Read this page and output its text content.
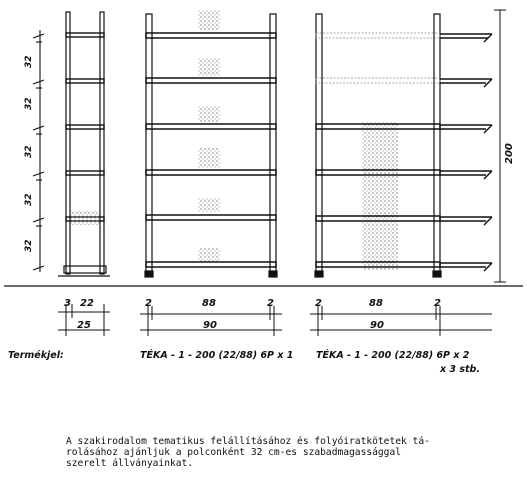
32
32
32
32
32
200
3 22
25
2	88	2
90
2	88	2
90
Termékjel:	TÉKA - 1 - 200 (22/88) 6P x 1 TÉKA - 1 - 200 (22/88) 6P x 2
x 3 stb.
A szakirodalom tematikus felállításához és folyóiratkötetek tá-
rolásához ajánljuk a polconként 32 cm-es szabadmagassággal
szerelt állványainkat.
